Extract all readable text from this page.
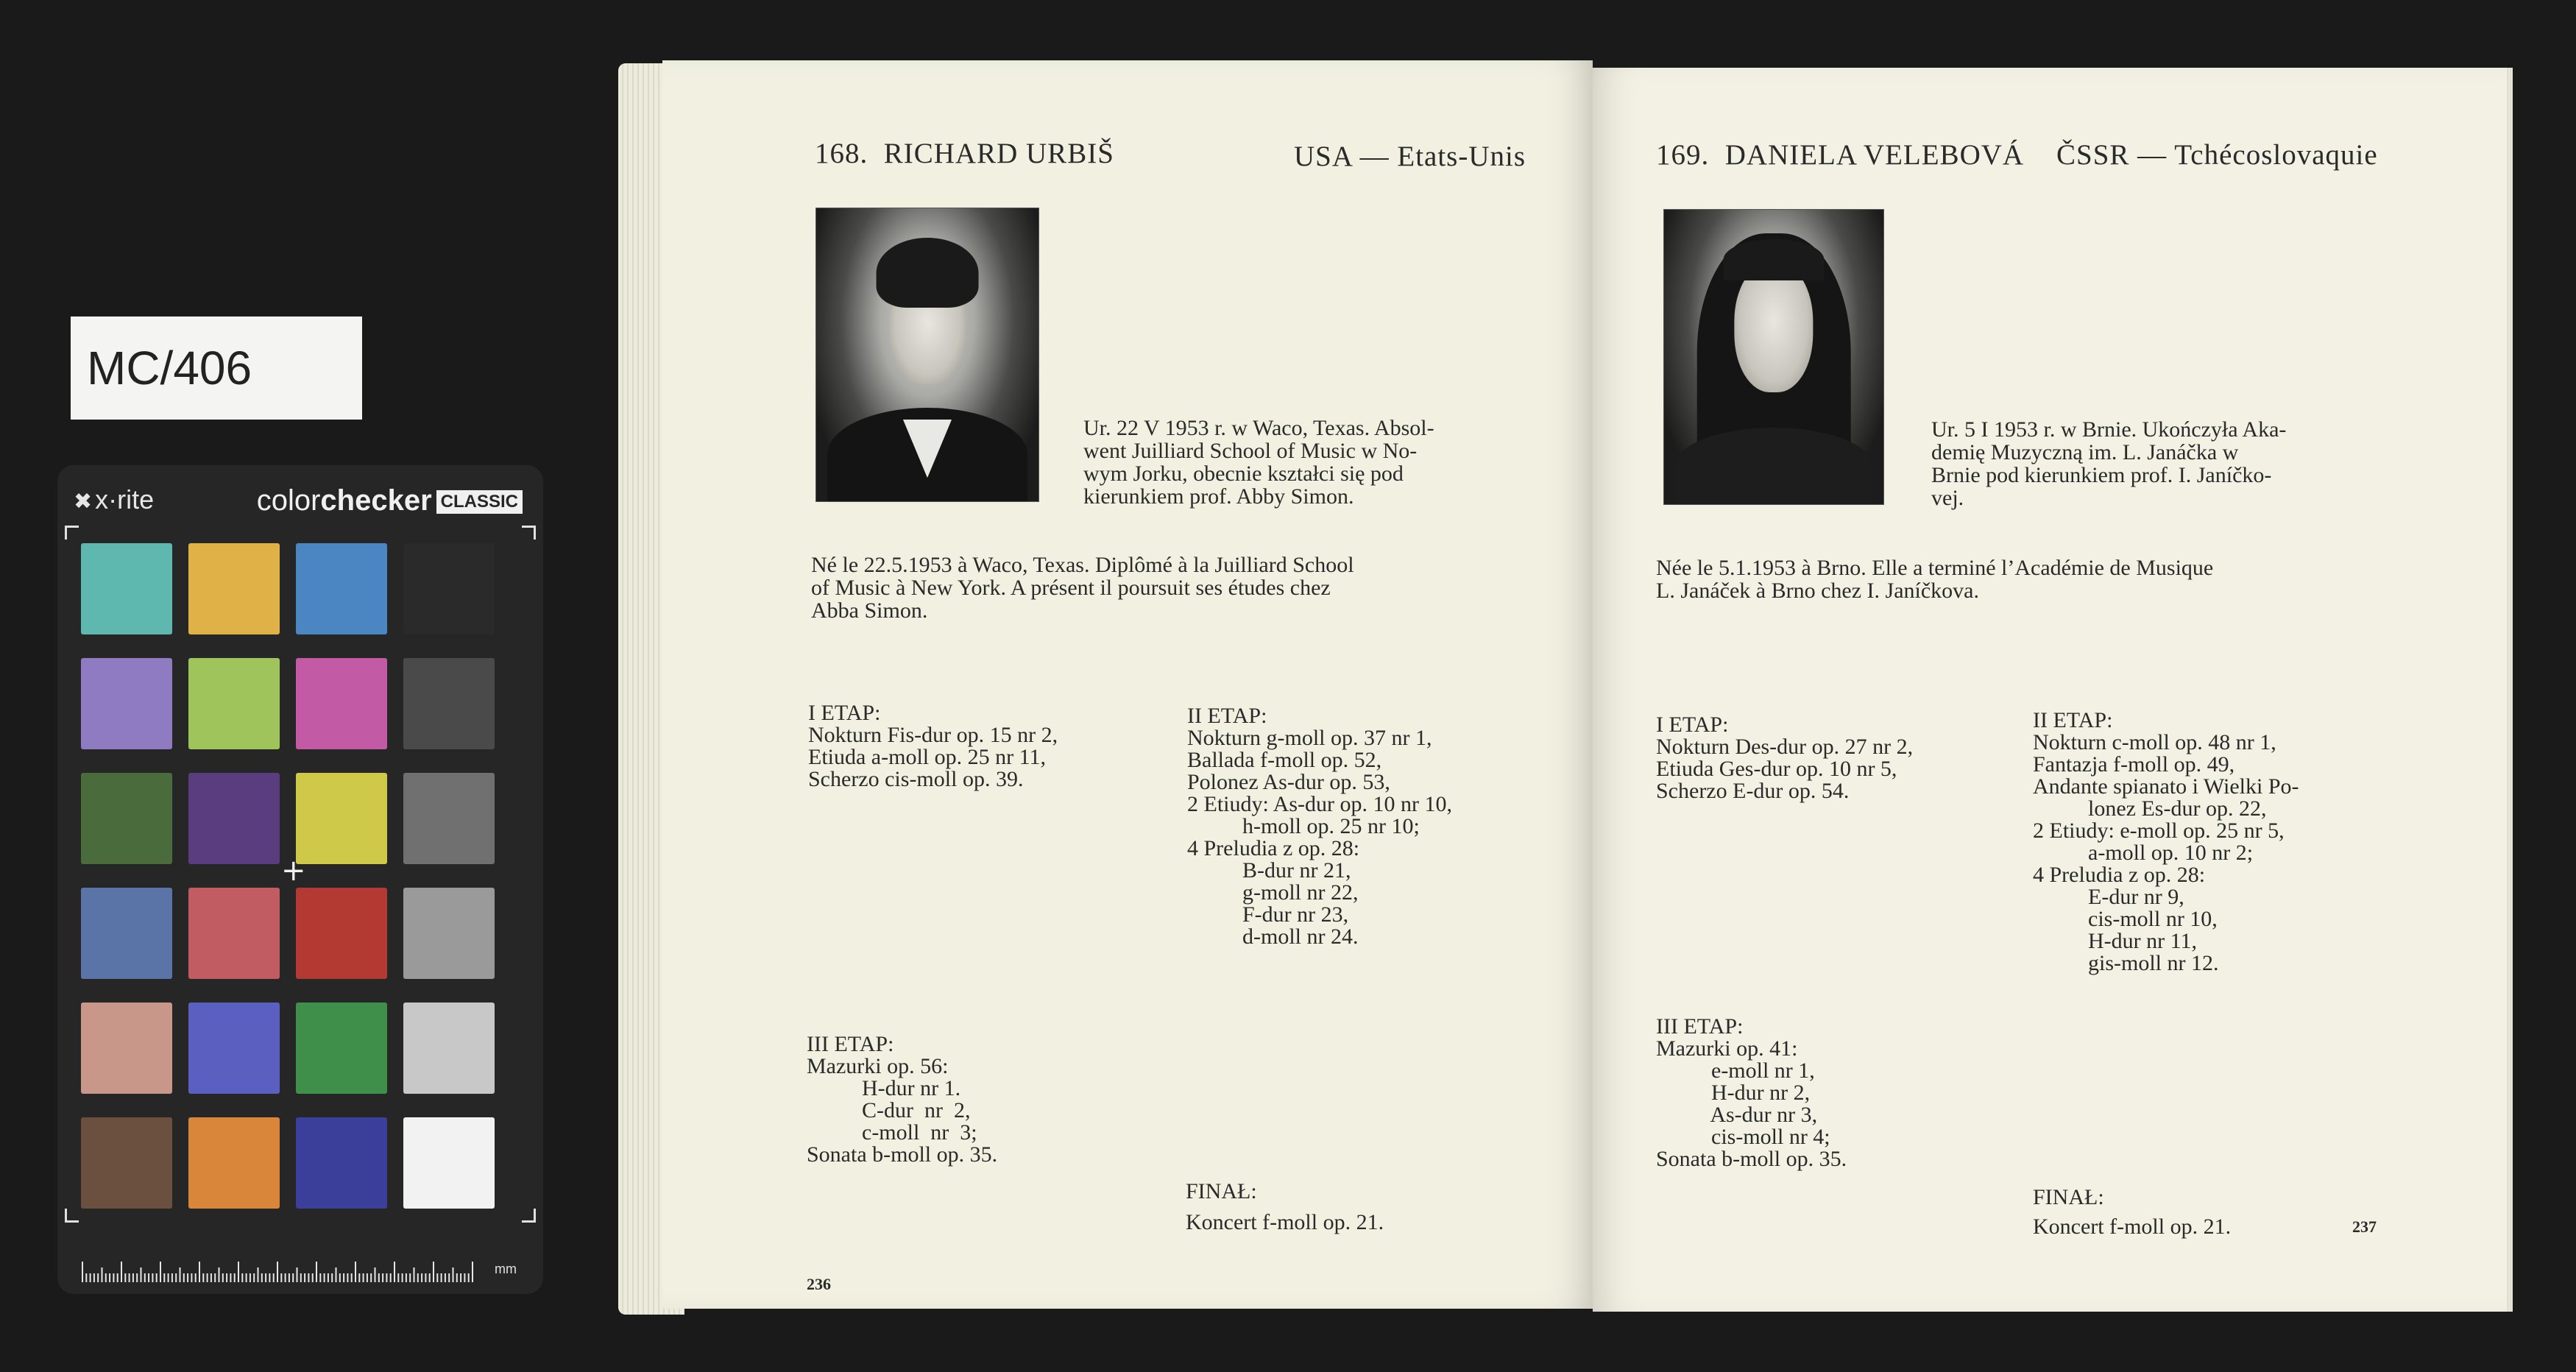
MC/406
✖ x·rite	colorchecker CLASSIC
+
mm
168.  RICHARD URBIŠ	USA — Etats-Unis
Ur. 22 V 1953 r. w Waco, Texas. Absol-
went Juilliard School of Music w No-
wym Jorku, obecnie kształci się pod
kierunkiem prof. Abby Simon.
Né le 22.5.1953 à Waco, Texas. Diplômé à la Juilliard School
of Music à New York. A présent il poursuit ses études chez
Abba Simon.
I ETAP:
Nokturn Fis-dur op. 15 nr 2,
Etiuda a-moll op. 25 nr 11,
Scherzo cis-moll op. 39.
II ETAP:
Nokturn g-moll op. 37 nr 1,
Ballada f-moll op. 52,
Polonez As-dur op. 53,
2 Etiudy: As-dur op. 10 nr 10,
h-moll op. 25 nr 10;
4 Preludia z op. 28:
B-dur nr 21,
g-moll nr 22,
F-dur nr 23,
d-moll nr 24.
III ETAP:
Mazurki op. 56:
H-dur nr 1.
C-dur  nr  2,
c-moll  nr  3;
Sonata b-moll op. 35.
FINAŁ:
Koncert f-moll op. 21.
236
169.  DANIELA VELEBOVÁ ČSSR — Tchécoslovaquie
Ur. 5 I 1953 r. w Brnie. Ukończyła Aka-
demię Muzyczną im. L. Janáčka w
Brnie pod kierunkiem prof. I. Janíčko-
vej.
Née le 5.1.1953 à Brno. Elle a terminé l’Académie de Musique
L. Janáček à Brno chez I. Janíčkova.
I ETAP:
Nokturn Des-dur op. 27 nr 2,
Etiuda Ges-dur op. 10 nr 5,
Scherzo E-dur op. 54.
II ETAP:
Nokturn c-moll op. 48 nr 1,
Fantazja f-moll op. 49,
Andante spianato i Wielki Po-
lonez Es-dur op. 22,
2 Etiudy: e-moll op. 25 nr 5,
a-moll op. 10 nr 2;
4 Preludia z op. 28:
E-dur nr 9,
cis-moll nr 10,
H-dur nr 11,
gis-moll nr 12.
III ETAP:
Mazurki op. 41:
e-moll nr 1,
H-dur nr 2,
As-dur nr 3,
cis-moll nr 4;
Sonata b-moll op. 35.
FINAŁ:
Koncert f-moll op. 21.	237
